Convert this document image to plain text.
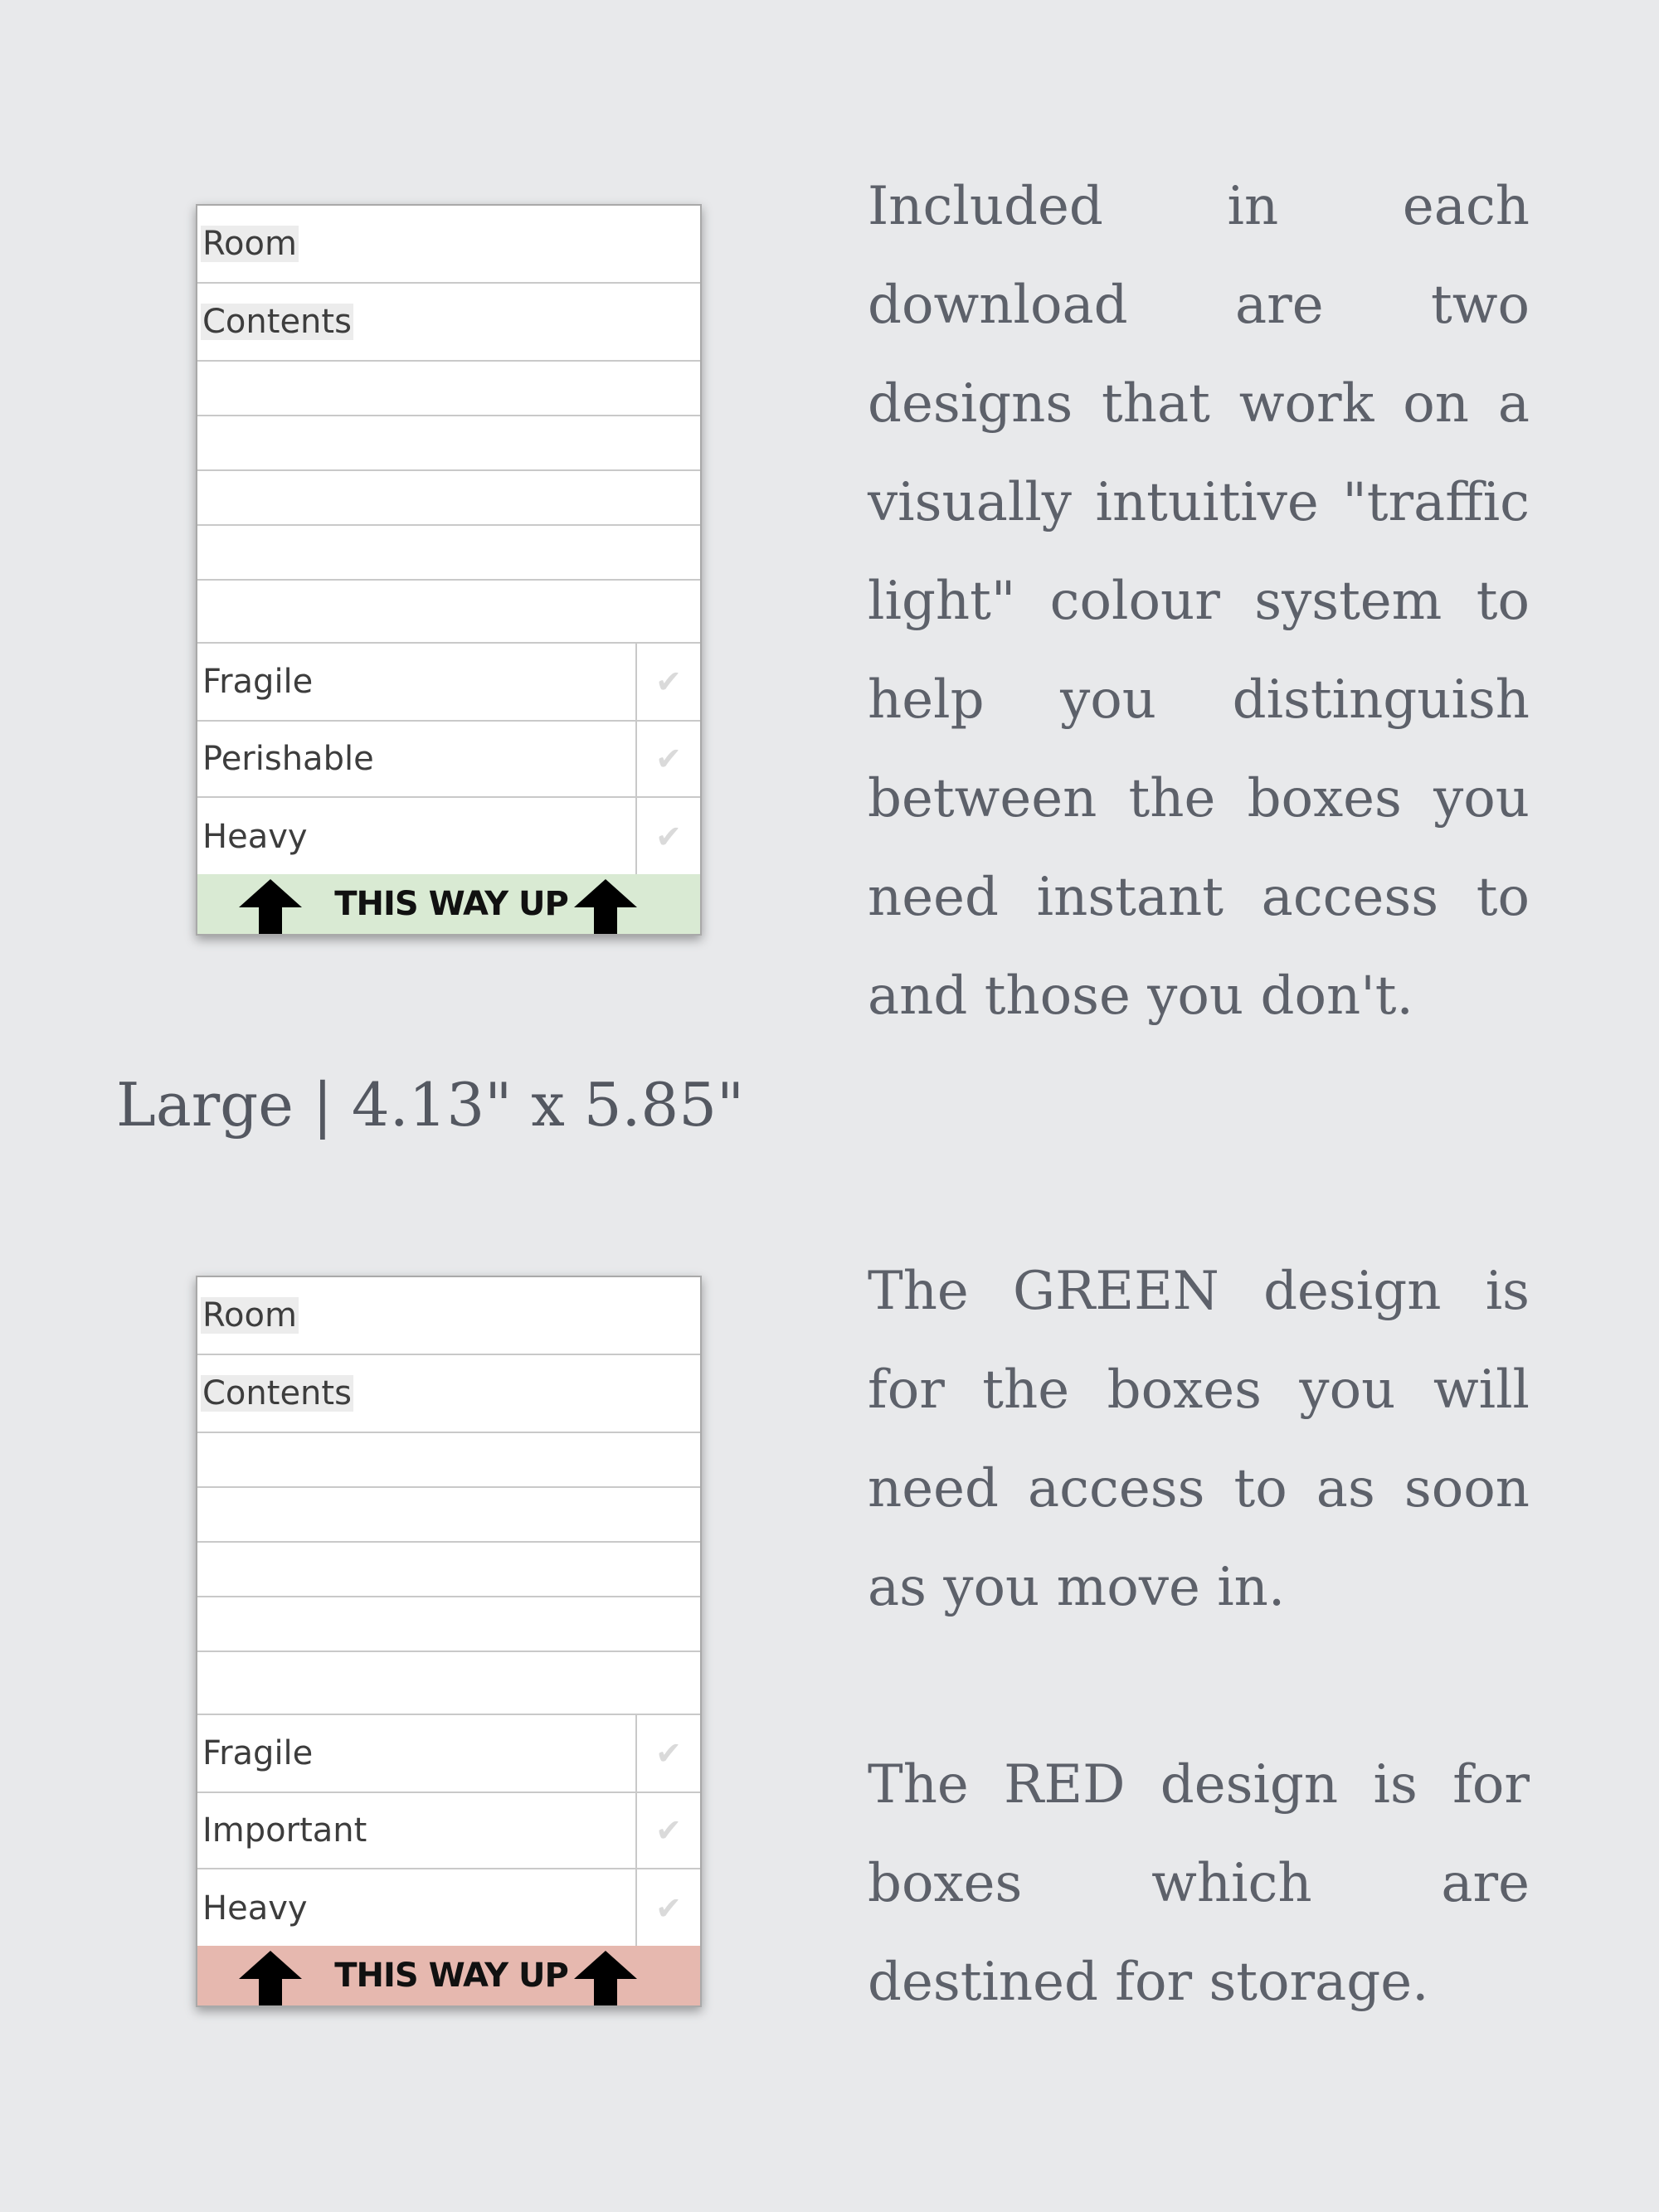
Room
Contents
Fragile	✔
Perishable	✔
Heavy	✔
THIS WAY UP
Large | 4.13" x 5.85"
Room
Contents
Fragile	✔
Important	✔
Heavy	✔
THIS WAY UP

Included in each download are two designs that work on a visually intuitive "traffic light" colour system to help you distinguish between the boxes you need instant access to and those you don't.

The GREEN design is for the boxes you will need access to as soon as you move in.

The RED design is for boxes which are destined for storage.
